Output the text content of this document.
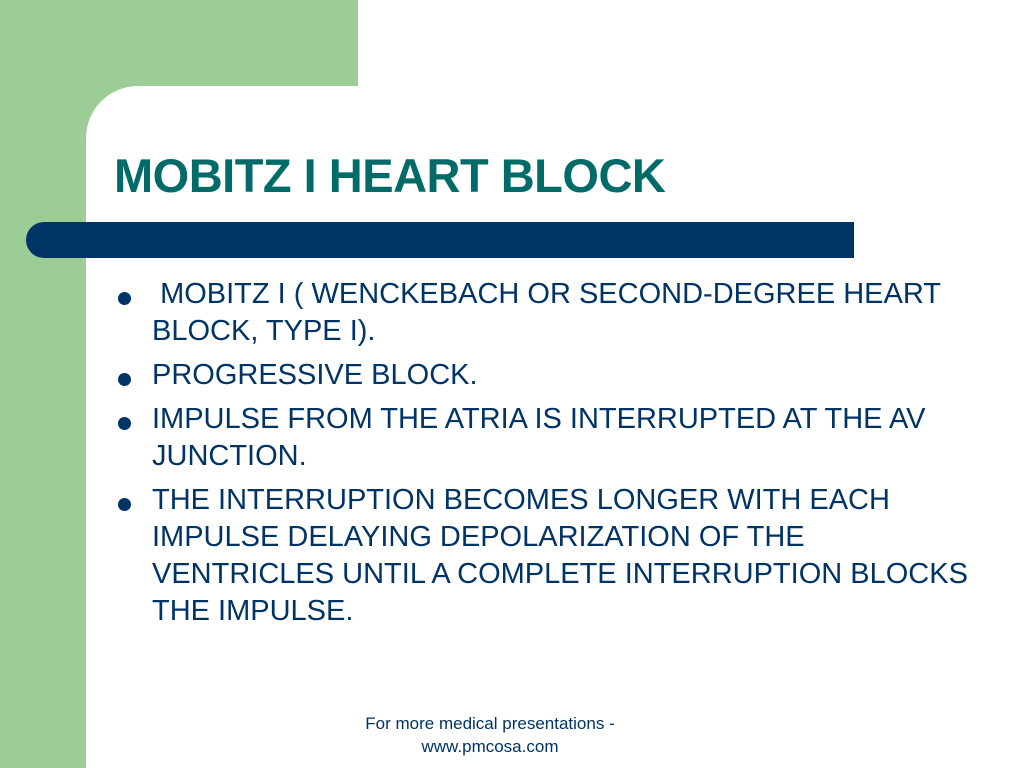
MOBITZ I HEART BLOCK
MOBITZ I ( WENCKEBACH OR SECOND-DEGREE HEART BLOCK, TYPE I).
PROGRESSIVE BLOCK.
IMPULSE FROM THE ATRIA IS INTERRUPTED AT THE AV JUNCTION.
THE INTERRUPTION BECOMES LONGER WITH EACH IMPULSE DELAYING DEPOLARIZATION OF THE VENTRICLES UNTIL A COMPLETE INTERRUPTION BLOCKS THE IMPULSE.
For more medical presentations -
www.pmcosa.com
